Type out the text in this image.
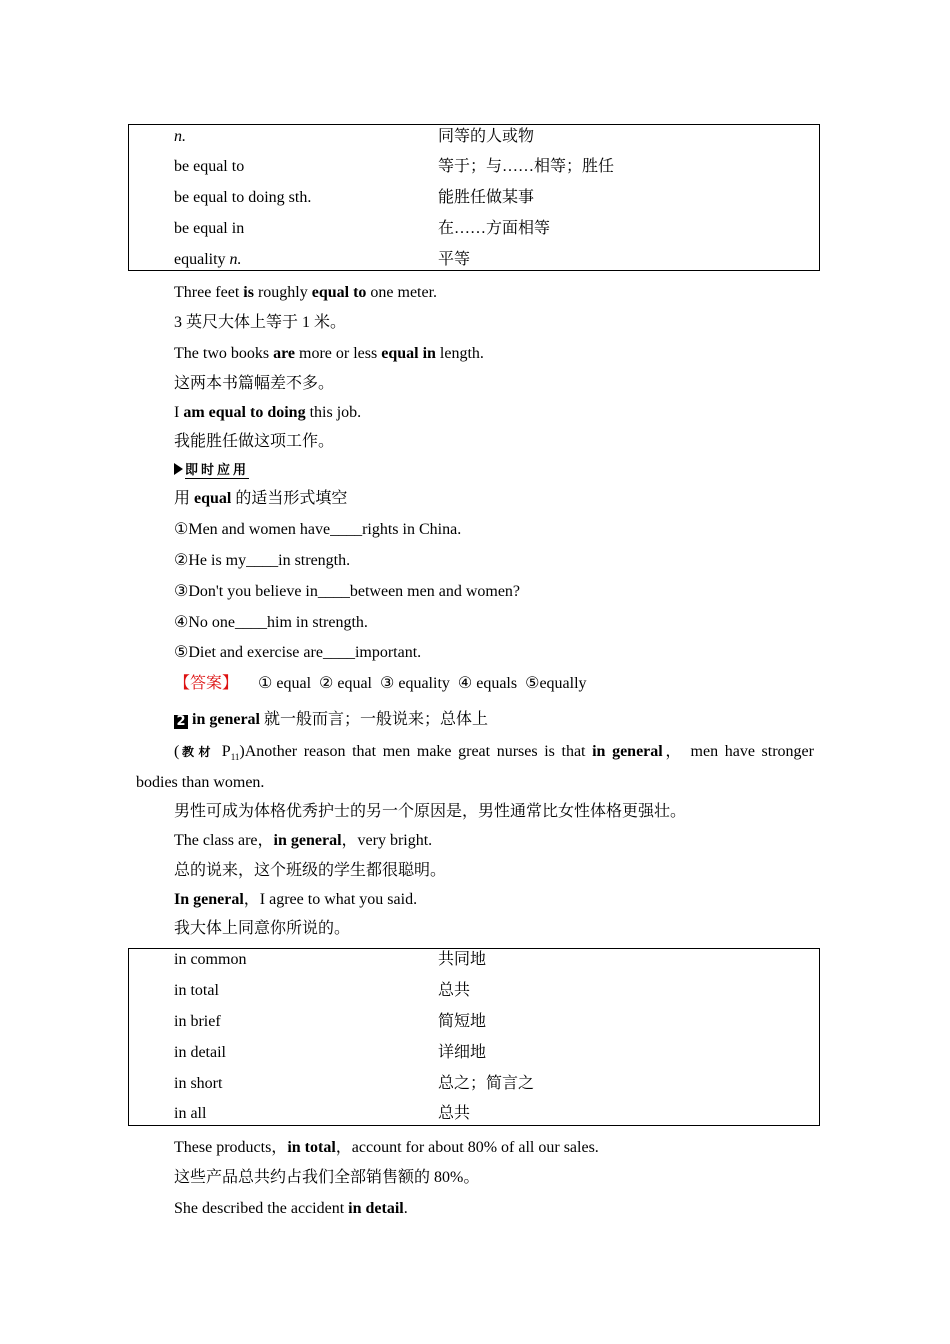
n.	同等的人或物
be equal to	等于；与……相等；胜任
be equal to doing sth.	能胜任做某事
be equal in	在……方面相等
equality n.	平等
Three feet is roughly equal to one meter.
3 英尺大体上等于 1 米。
The two books are more or less equal in length.
这两本书篇幅差不多。
I am equal to doing this job.
我能胜任做这项工作。
即时应用
用 equal 的适当形式填空
①Men and women have____rights in China.
②He is my____in strength.
③Don't you believe in____between men and women?
④No one____him in strength.
⑤Diet and exercise are____important.
【答案】 ① equal  ② equal  ③ equality  ④ equals  ⑤equally
2 in general 就一般而言；一般说来；总体上
(教材 $P_{11})Another$ reason that men make great nurses is that in general， men have stronger
bodies than women.
男性可成为体格优秀护士的另一个原因是，男性通常比女性体格更强壮。
The class are，in general，very bright.
总的说来，这个班级的学生都很聪明。
In general，I agree to what you said.
我大体上同意你所说的。
in common	共同地
in total	总共
in brief	简短地
in detail	详细地
in short	总之；简言之
in all	总共
These products，in total，account for about 80% of all our sales.
这些产品总共约占我们全部销售额的 80%。
She described the accident in detail.
